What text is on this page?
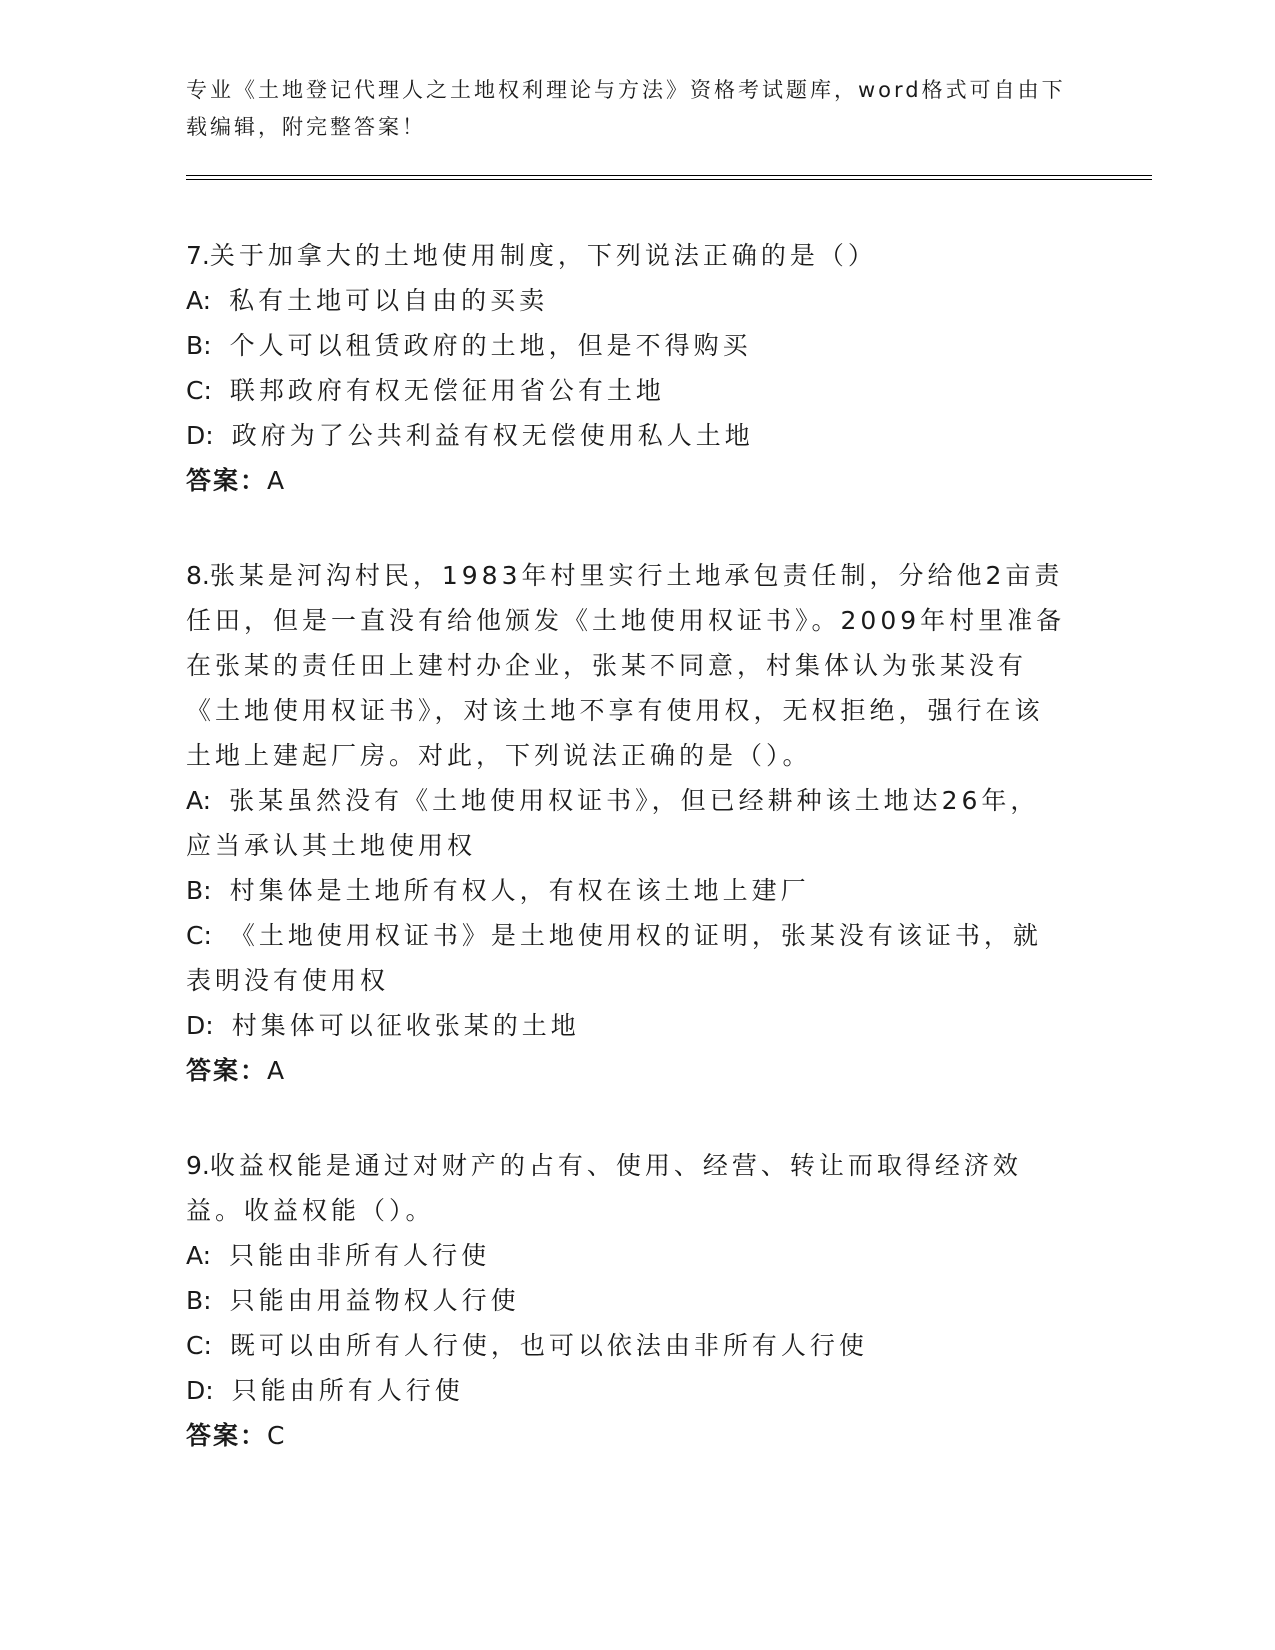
专业《土地登记代理人之土地权利理论与方法》资格考试题库，word格式可自由下载编辑，附完整答案！

7.关于加拿大的土地使用制度，下列说法正确的是（）

A: 私有土地可以自由的买卖

B: 个人可以租赁政府的土地，但是不得购买

C: 联邦政府有权无偿征用省公有土地

D: 政府为了公共利益有权无偿使用私人土地

答案：A

8.张某是河沟村民，1983年村里实行土地承包责任制，分给他2亩责任田，但是一直没有给他颁发《土地使用权证书》。2009年村里准备在张某的责任田上建村办企业，张某不同意，村集体认为张某没有《土地使用权证书》，对该土地不享有使用权，无权拒绝，强行在该土地上建起厂房。对此，下列说法正确的是（）。

A: 张某虽然没有《土地使用权证书》，但已经耕种该土地达26年，应当承认其土地使用权

B: 村集体是土地所有权人，有权在该土地上建厂

C: 《土地使用权证书》是土地使用权的证明，张某没有该证书，就表明没有使用权

D: 村集体可以征收张某的土地

答案：A

9.收益权能是通过对财产的占有、使用、经营、转让而取得经济效益。收益权能（）。

A: 只能由非所有人行使

B: 只能由用益物权人行使

C: 既可以由所有人行使，也可以依法由非所有人行使

D: 只能由所有人行使

答案：C
